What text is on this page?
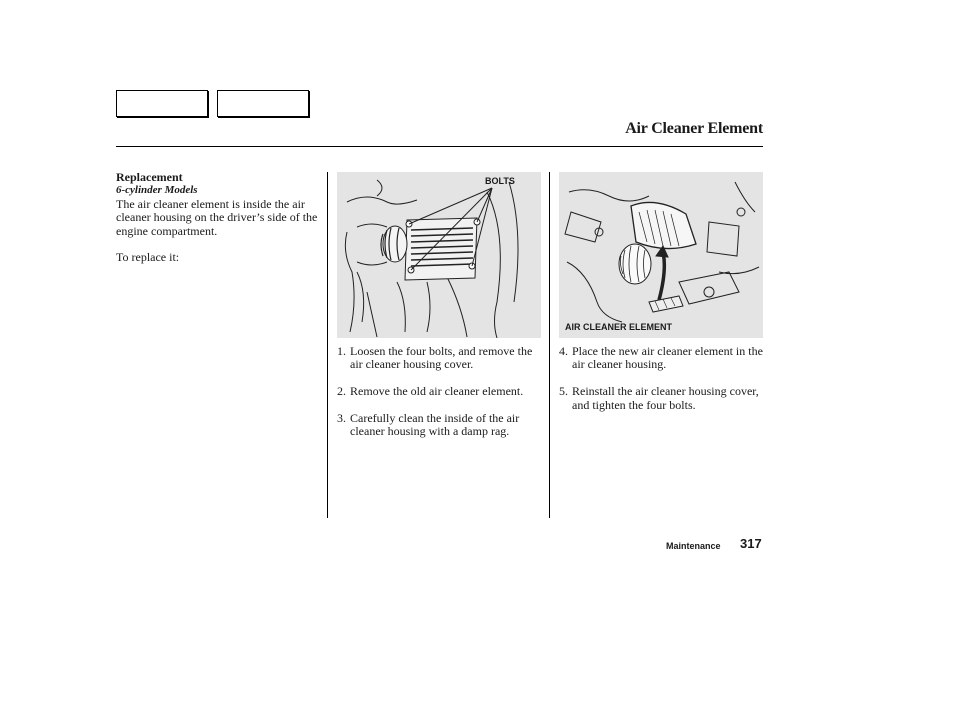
Air Cleaner Element
Replacement
6-cylinder Models

The air cleaner element is inside the air cleaner housing on the driver’s side of the engine compartment.

To replace it:

BOLTS
AIR CLEANER ELEMENT
1. Loosen the four bolts, and remove the air cleaner housing cover.
2. Remove the old air cleaner element.
3. Carefully clean the inside of the air cleaner housing with a damp rag.
4. Place the new air cleaner element in the air cleaner housing.
5. Reinstall the air cleaner housing cover, and tighten the four bolts.
Maintenance 317
